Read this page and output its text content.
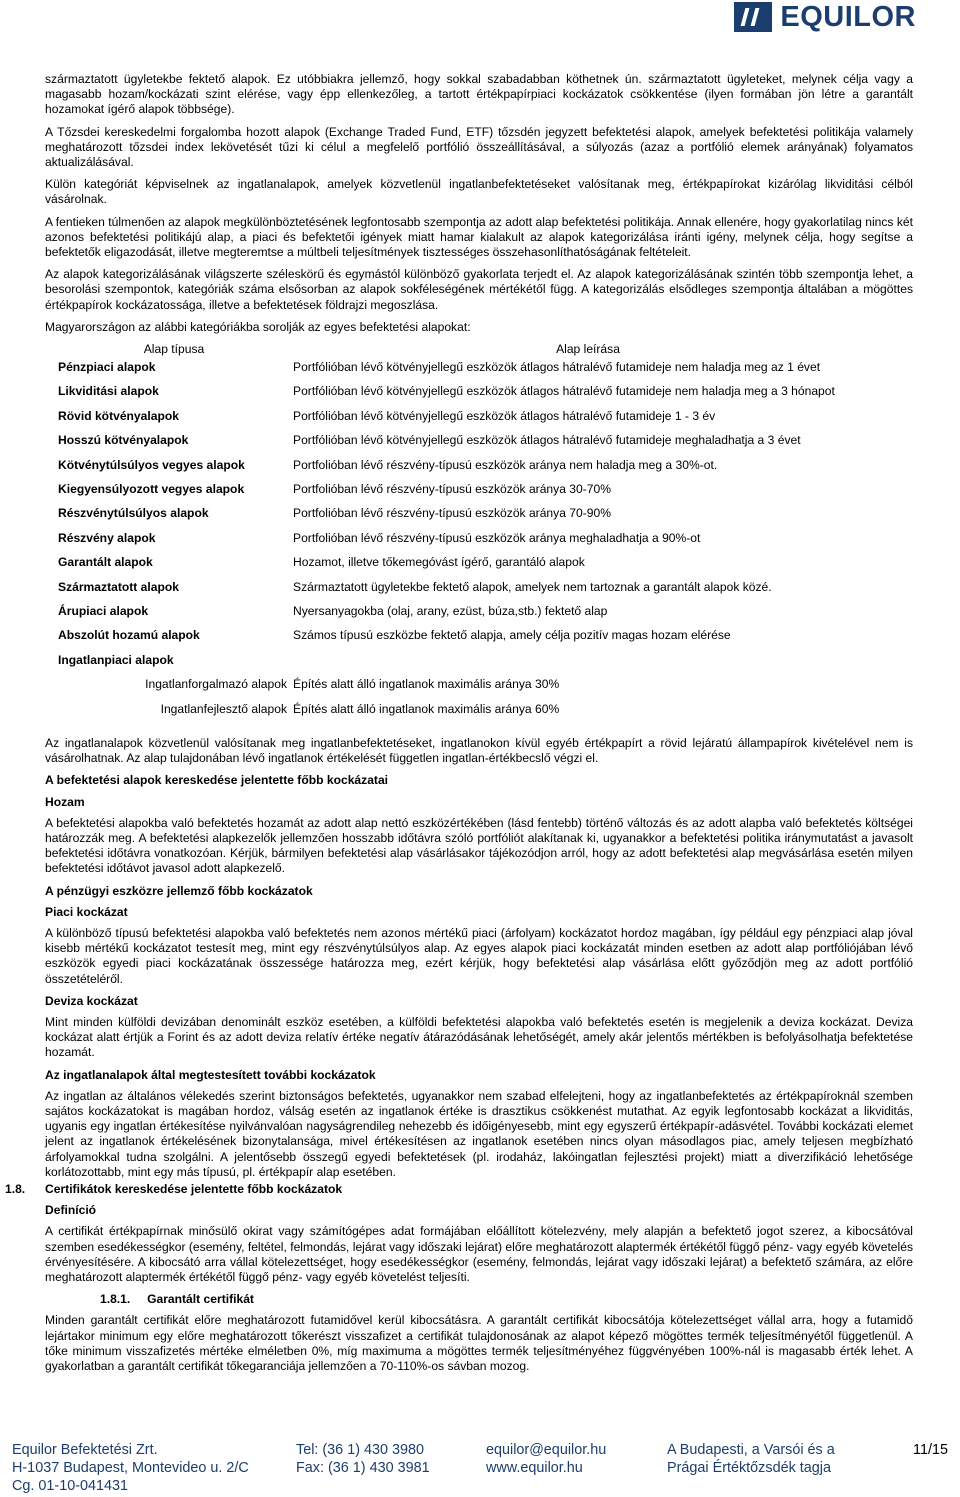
EQUILOR

származtatott ügyletekbe fektető alapok. Ez utóbbiakra jellemző, hogy sokkal szabadabban köthetnek ún. származtatott ügyleteket, melynek célja vagy a magasabb hozam/kockázati szint elérése, vagy épp ellenkezőleg, a tartott értékpapírpiaci kockázatok csökkentése (ilyen formában jön létre a garantált hozamokat ígérő alapok többsége).

A Tőzsdei kereskedelmi forgalomba hozott alapok (Exchange Traded Fund, ETF) tőzsdén jegyzett befektetési alapok, amelyek befektetési politikája valamely meghatározott tőzsdei index lekövetését tűzi ki célul a megfelelő portfólió összeállításával, a súlyozás (azaz a portfólió elemek arányának) folyamatos aktualizálásával.

Külön kategóriát képviselnek az ingatlanalapok, amelyek közvetlenül ingatlanbefektetéseket valósítanak meg, értékpapírokat kizárólag likviditási célból vásárolnak.

A fentieken túlmenően az alapok megkülönböztetésének legfontosabb szempontja az adott alap befektetési politikája. Annak ellenére, hogy gyakorlatilag nincs két azonos befektetési politikájú alap, a piaci és befektetői igények miatt hamar kialakult az alapok kategorizálása iránti igény, melynek célja, hogy segítse a befektetők eligazodását, illetve megteremtse a múltbeli teljesítmények tisztességes összehasonlíthatóságának feltételeit.

Az alapok kategorizálásának világszerte széleskörű és egymástól különböző gyakorlata terjedt el. Az alapok kategorizálásának szintén több szempontja lehet, a besorolási szempontok, kategóriák száma elsősorban az alapok sokféleségének mértékétől függ. A kategorizálás elsődleges szempontja általában a mögöttes értékpapírok kockázatossága, illetve a befektetések földrajzi megoszlása.

Magyarországon az alábbi kategóriákba sorolják az egyes befektetési alapokat:

Alap típusa	Alap leírása
Pénzpiaci alapok	Portfólióban lévő kötvényjellegű eszközök átlagos hátralévő futamideje nem haladja meg az 1 évet
Likviditási alapok	Portfólióban lévő kötvényjellegű eszközök átlagos hátralévő futamideje nem haladja meg a 3 hónapot
Rövid kötvényalapok	Portfólióban lévő kötvényjellegű eszközök átlagos hátralévő futamideje 1 - 3 év
Hosszú kötvényalapok	Portfólióban lévő kötvényjellegű eszközök átlagos hátralévő futamideje meghaladhatja a 3 évet
Kötvénytúlsúlyos vegyes alapok	Portfolióban lévő részvény-típusú eszközök aránya nem haladja meg a 30%-ot.
Kiegyensúlyozott vegyes alapok	Portfolióban lévő részvény-típusú eszközök aránya 30-70%
Részvénytúlsúlyos alapok	Portfolióban lévő részvény-típusú eszközök aránya 70-90%
Részvény alapok	Portfolióban lévő részvény-típusú eszközök aránya meghaladhatja a 90%-ot
Garantált alapok	Hozamot, illetve tőkemegóvást ígérő, garantáló alapok
Származtatott alapok	Származtatott ügyletekbe fektető alapok, amelyek nem tartoznak a garantált alapok közé.
Árupiaci alapok	Nyersanyagokba (olaj, arany, ezüst, búza,stb.) fektető alap
Abszolút hozamú alapok	Számos típusú eszközbe fektető alapja, amely célja pozitív magas hozam elérése
Ingatlanpiaci alapok	
Ingatlanforgalmazó alapok	Építés alatt álló ingatlanok maximális aránya 30%
Ingatlanfejlesztő alapok	Építés alatt álló ingatlanok maximális aránya 60%

Az ingatlanalapok közvetlenül valósítanak meg ingatlanbefektetéseket, ingatlanokon kívül egyéb értékpapírt a rövid lejáratú állampapírok kivételével nem is vásárolhatnak. Az alap tulajdonában lévő ingatlanok értékelését független ingatlan-értékbecslő végzi el.

A befektetési alapok kereskedése jelentette főbb kockázatai
Hozam

A befektetési alapokba való befektetés hozamát az adott alap nettó eszközértékében (lásd fentebb) történő változás és az adott alapba való befektetés költségei határozzák meg. A befektetési alapkezelők jellemzően hosszabb időtávra szóló portfóliót alakítanak ki, ugyanakkor a befektetési politika iránymutatást a javasolt befektetési időtávra vonatkozóan. Kérjük, bármilyen befektetési alap vásárlásakor tájékozódjon arról, hogy az adott befektetési alap megvásárlása esetén milyen befektetési időtávot javasol adott alapkezelő.

A pénzügyi eszközre jellemző főbb kockázatok
Piaci kockázat

A különböző típusú befektetési alapokba való befektetés nem azonos mértékű piaci (árfolyam) kockázatot hordoz magában, így például egy pénzpiaci alap jóval kisebb mértékű kockázatot testesít meg, mint egy részvénytúlsúlyos alap. Az egyes alapok piaci kockázatát minden esetben az adott alap portfóliójában lévő eszközök egyedi piaci kockázatának összessége határozza meg, ezért kérjük, hogy befektetési alap vásárlása előtt győződjön meg az adott portfólió összetételéről.

Deviza kockázat

Mint minden külföldi devizában denominált eszköz esetében, a külföldi befektetési alapokba való befektetés esetén is megjelenik a deviza kockázat. Deviza kockázat alatt értjük a Forint és az adott deviza relatív értéke negatív átárazódásának lehetőségét, amely akár jelentős mértékben is befolyásolhatja befektetése hozamát.

Az ingatlanalapok által megtestesített további kockázatok

Az ingatlan az általános vélekedés szerint biztonságos befektetés, ugyanakkor nem szabad elfelejteni, hogy az ingatlanbefektetés az értékpapíroknál szemben sajátos kockázatokat is magában hordoz, válság esetén az ingatlanok értéke is drasztikus csökkenést mutathat. Az egyik legfontosabb kockázat a likviditás, ugyanis egy ingatlan értékesítése nyilvánvalóan nagyságrendileg nehezebb és időigényesebb, mint egy egyszerű értékpapír-adásvétel. További kockázati elemet jelent az ingatlanok értékelésének bizonytalansága, mivel értékesítésen az ingatlanok esetében nincs olyan másodlagos piac, amely teljesen megbízható árfolyamokkal tudna szolgálni. A jelentősebb összegű egyedi befektetések (pl. irodaház, lakóingatlan fejlesztési projekt) miatt a diverzifikáció lehetősége korlátozottabb, mint egy más típusú, pl. értékpapír alap esetében.

1.8. Certifikátok kereskedése jelentette főbb kockázatok
Definíció

A certifikát értékpapírnak minősülő okirat vagy számítógépes adat formájában előállított kötelezvény, mely alapján a befektető jogot szerez, a kibocsátóval szemben esedékességkor (esemény, feltétel, felmondás, lejárat vagy időszaki lejárat) előre meghatározott alaptermék értékétől függő pénz- vagy egyéb követelés érvényesítésére. A kibocsátó arra vállal kötelezettséget, hogy esedékességkor (esemény, felmondás, lejárat vagy időszaki lejárat) a befektető számára, az előre meghatározott alaptermék értékétől függő pénz- vagy egyéb követelést teljesíti.

1.8.1. Garantált certifikát

Minden garantált certifikát előre meghatározott futamidővel kerül kibocsátásra. A garantált certifikát kibocsátója kötelezettséget vállal arra, hogy a futamidő lejártakor minimum egy előre meghatározott tőkerészt visszafizet a certifikát tulajdonosának az alapot képező mögöttes termék teljesítményétől függetlenül. A tőke minimum visszafizetés mértéke elméletben 0%, míg maximuma a mögöttes termék teljesítményéhez függvényében 100%-nál is magasabb érték lehet. A gyakorlatban a garantált certifikát tőkegaranciája jellemzően a 70-110%-os sávban mozog.

Equilor Befektetési Zrt.
H-1037 Budapest, Montevideo u. 2/C
Cg. 01-10-041431
Tel: (36 1) 430 3980
Fax: (36 1) 430 3981
equilor@equilor.hu
www.equilor.hu
A Budapesti, a Varsói és a
Prágai Értéktőzsdék tagja
11/15
